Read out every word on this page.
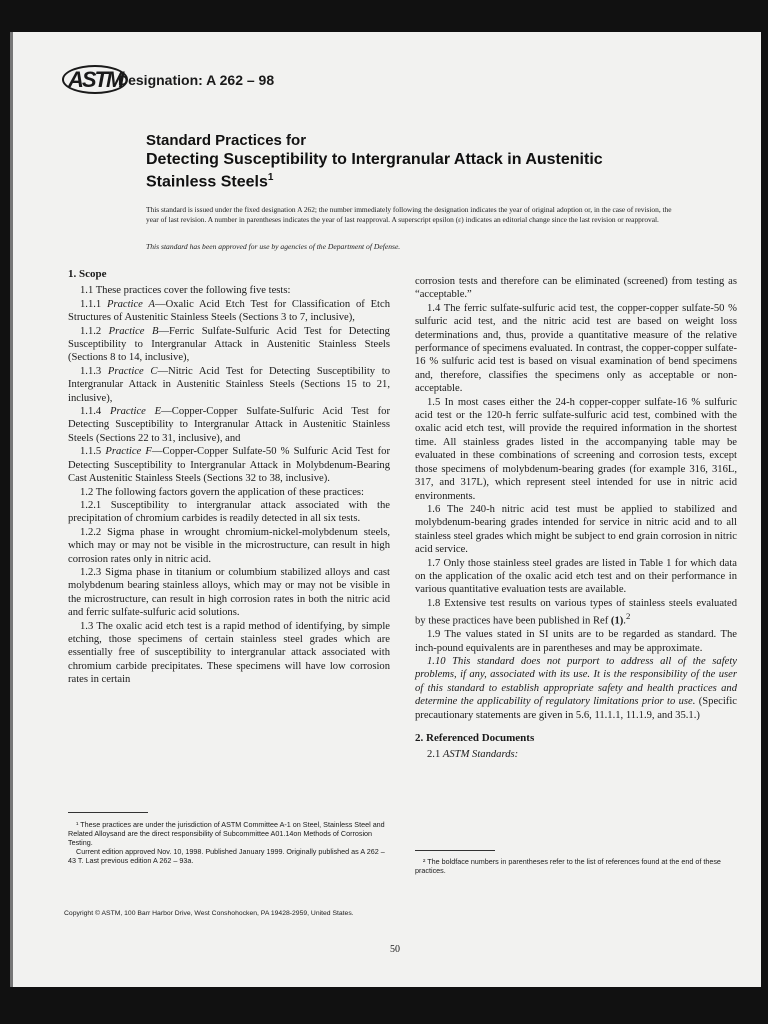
ASTM
Designation: A 262 – 98
Standard Practices for
Detecting Susceptibility to Intergranular Attack in Austenitic
Stainless Steels$^1$
This standard is issued under the fixed designation A 262; the number immediately following the designation indicates the year of original adoption or, in the case of revision, the year of last revision. A number in parentheses indicates the year of last reapproval. A superscript epsilon (ε) indicates an editorial change since the last revision or reapproval.
This standard has been approved for use by agencies of the Department of Defense.
1. Scope

1.1 These practices cover the following five tests:

1.1.1 Practice A—Oxalic Acid Etch Test for Classification of Etch Structures of Austenitic Stainless Steels (Sections 3 to 7, inclusive),

1.1.2 Practice B—Ferric Sulfate-Sulfuric Acid Test for Detecting Susceptibility to Intergranular Attack in Austenitic Stainless Steels (Sections 8 to 14, inclusive),

1.1.3 Practice C—Nitric Acid Test for Detecting Susceptibility to Intergranular Attack in Austenitic Stainless Steels (Sections 15 to 21, inclusive),

1.1.4 Practice E—Copper-Copper Sulfate-Sulfuric Acid Test for Detecting Susceptibility to Intergranular Attack in Austenitic Stainless Steels (Sections 22 to 31, inclusive), and

1.1.5 Practice F—Copper-Copper Sulfate-50 % Sulfuric Acid Test for Detecting Susceptibility to Intergranular Attack in Molybdenum-Bearing Cast Austenitic Stainless Steels (Sections 32 to 38, inclusive).

1.2 The following factors govern the application of these practices:

1.2.1 Susceptibility to intergranular attack associated with the precipitation of chromium carbides is readily detected in all six tests.

1.2.2 Sigma phase in wrought chromium-nickel-molybdenum steels, which may or may not be visible in the microstructure, can result in high corrosion rates only in nitric acid.

1.2.3 Sigma phase in titanium or columbium stabilized alloys and cast molybdenum bearing stainless alloys, which may or may not be visible in the microstructure, can result in high corrosion rates in both the nitric acid and ferric sulfate-sulfuric acid solutions.

1.3 The oxalic acid etch test is a rapid method of identifying, by simple etching, those specimens of certain stainless steel grades which are essentially free of susceptibility to intergranular attack associated with chromium carbide precipitates. These specimens will have low corrosion rates in certain

corrosion tests and therefore can be eliminated (screened) from testing as “acceptable.”

1.4 The ferric sulfate-sulfuric acid test, the copper-copper sulfate-50 % sulfuric acid test, and the nitric acid test are based on weight loss determinations and, thus, provide a quantitative measure of the relative performance of specimens evaluated. In contrast, the copper-copper sulfate-16 % sulfuric acid test is based on visual examination of bend specimens and, therefore, classifies the specimens only as acceptable or non-acceptable.

1.5 In most cases either the 24-h copper-copper sulfate-16 % sulfuric acid test or the 120-h ferric sulfate-sulfuric acid test, combined with the oxalic acid etch test, will provide the required information in the shortest time. All stainless grades listed in the accompanying table may be evaluated in these combinations of screening and corrosion tests, except those specimens of molybdenum-bearing grades (for example 316, 316L, 317, and 317L), which represent steel intended for use in nitric acid environments.

1.6 The 240-h nitric acid test must be applied to stabilized and molybdenum-bearing grades intended for service in nitric acid and to all stainless steel grades which might be subject to end grain corrosion in nitric acid service.

1.7 Only those stainless steel grades are listed in Table 1 for which data on the application of the oxalic acid etch test and on their performance in various quantitative evaluation tests are available.

1.8 Extensive test results on various types of stainless steels evaluated by these practices have been published in Ref (1).$^2$

1.9 The values stated in SI units are to be regarded as standard. The inch-pound equivalents are in parentheses and may be approximate.

1.10 This standard does not purport to address all of the safety problems, if any, associated with its use. It is the responsibility of the user of this standard to establish appropriate safety and health practices and determine the applicability of regulatory limitations prior to use. (Specific precautionary statements are given in 5.6, 11.1.1, 11.1.9, and 35.1.)

2. Referenced Documents

2.1 ASTM Standards:

¹ These practices are under the jurisdiction of ASTM Committee A-1 on Steel, Stainless Steel and Related Alloysand are the direct responsibility of Subcommittee A01.14on Methods of Corrosion Testing.

Current edition approved Nov. 10, 1998. Published January 1999. Originally published as A 262 – 43 T. Last previous edition A 262 – 93a.	² The boldface numbers in parentheses refer to the list of references found at the end of these practices.

Copyright © ASTM, 100 Barr Harbor Drive, West Conshohocken, PA 19428-2959, United States.
50
